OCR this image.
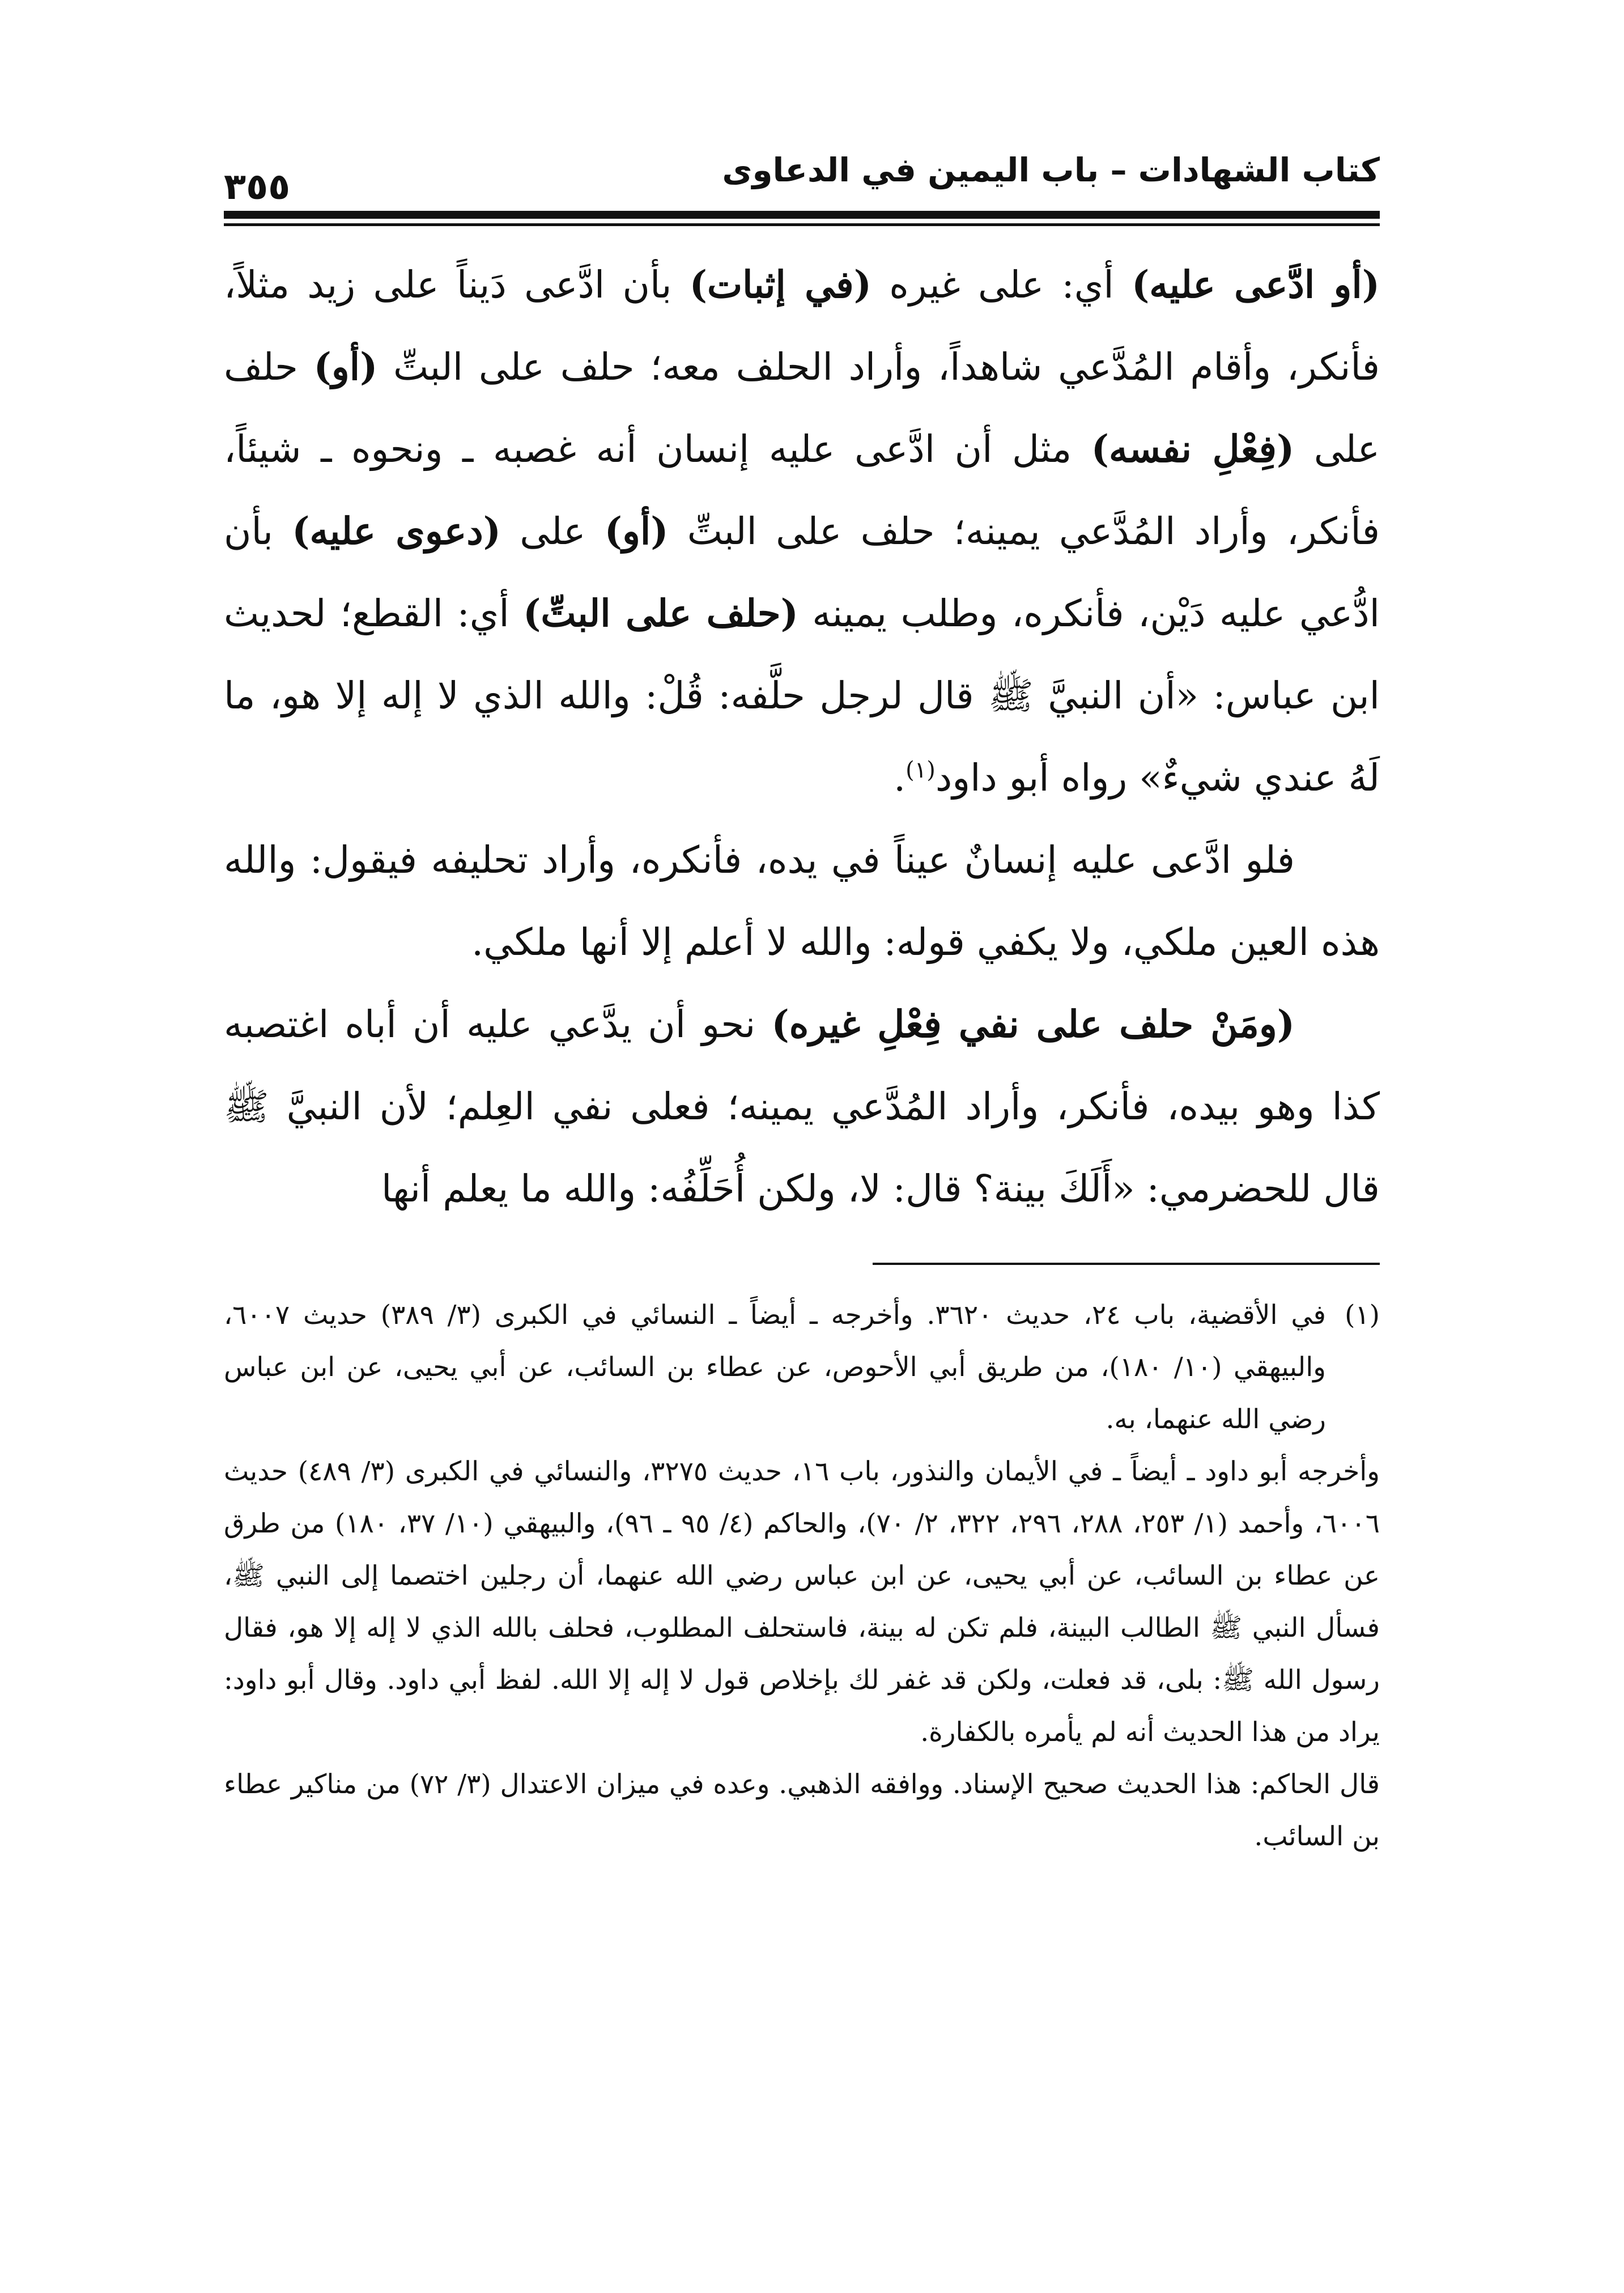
كتاب الشهادات – باب اليمين في الدعاوى
٣٥٥

(أو ادَّعى عليه) أي: على غيره (في إثبات) بأن ادَّعى دَيناً على زيد مثلاً، فأنكر، وأقام المُدَّعي شاهداً، وأراد الحلف معه؛ حلف على البتِّ (أو) حلف على (فِعْلِ نفسه) مثل أن ادَّعى عليه إنسان أنه غصبه ـ ونحوه ـ شيئاً، فأنكر، وأراد المُدَّعي يمينه؛ حلف على البتِّ (أو) على (دعوى عليه) بأن ادُّعي عليه دَيْن، فأنكره، وطلب يمينه (حلف على البتِّ) أي: القطع؛ لحديث ابن عباس: «أن النبيَّ ﷺ قال لرجل حلَّفه: قُلْ: والله الذي لا إله إلا هو، ما لَهُ عندي شيءٌ» رواه أبو داود$^{(١)}$.

فلو ادَّعى عليه إنسانٌ عيناً في يده، فأنكره، وأراد تحليفه فيقول: والله هذه العين ملكي، ولا يكفي قوله: والله لا أعلم إلا أنها ملكي.

(ومَنْ حلف على نفي فِعْلِ غيره) نحو أن يدَّعي عليه أن أباه اغتصبه كذا وهو بيده، فأنكر، وأراد المُدَّعي يمينه؛ فعلى نفي العِلم؛ لأن النبيَّ ﷺ قال للحضرمي: «أَلَكَ بينة؟ قال: لا، ولكن أُحَلِّفُه: والله ما يعلم أنها

(١)

في الأقضية، باب ٢٤، حديث ٣٦٢٠. وأخرجه ـ أيضاً ـ النسائي في الكبرى (٣/ ٣٨٩) حديث ٦٠٠٧، والبيهقي (١٠/ ١٨٠)، من طريق أبي الأحوص، عن عطاء بن السائب، عن أبي يحيى، عن ابن عباس رضي الله عنهما، به.

وأخرجه أبو داود ـ أيضاً ـ في الأيمان والنذور، باب ١٦، حديث ٣٢٧٥، والنسائي في الكبرى (٣/ ٤٨٩) حديث ٦٠٠٦، وأحمد (١/ ٢٥٣، ٢٨٨، ٢٩٦، ٣٢٢، ٢/ ٧٠)، والحاكم (٤/ ٩٥ ـ ٩٦)، والبيهقي (١٠/ ٣٧، ١٨٠) من طرق عن عطاء بن السائب، عن أبي يحيى، عن ابن عباس رضي الله عنهما، أن رجلين اختصما إلى النبي ﷺ، فسأل النبي ﷺ الطالب البينة، فلم تكن له بينة، فاستحلف المطلوب، فحلف بالله الذي لا إله إلا هو، فقال رسول الله ﷺ: بلى، قد فعلت، ولكن قد غفر لك بإخلاص قول لا إله إلا الله. لفظ أبي داود. وقال أبو داود: يراد من هذا الحديث أنه لم يأمره بالكفارة.

قال الحاكم: هذا الحديث صحيح الإسناد. ووافقه الذهبي. وعده في ميزان الاعتدال (٣/ ٧٢) من مناكير عطاء بن السائب.
